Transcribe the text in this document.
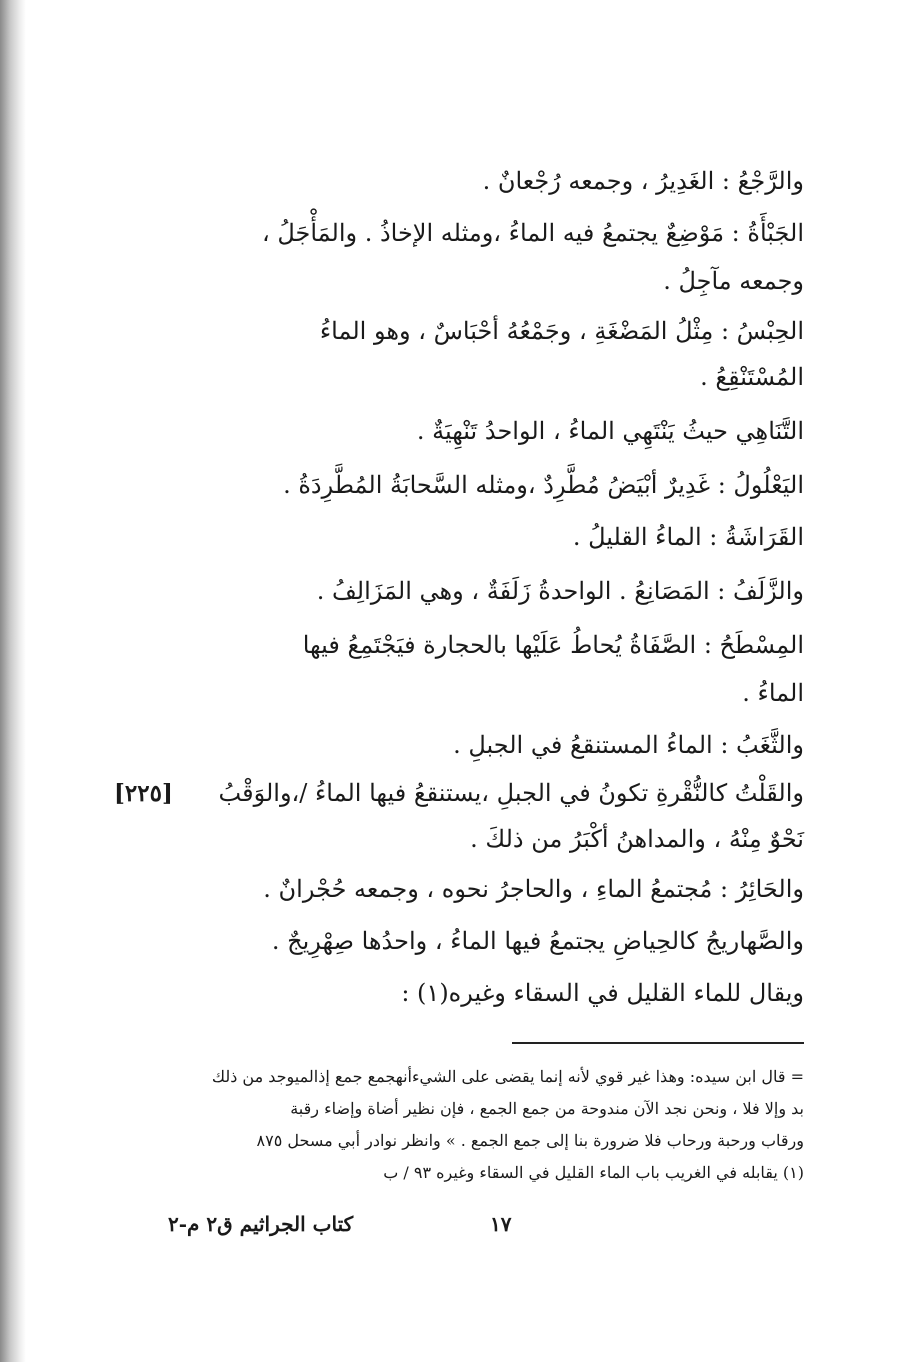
والرَّجْعُ : الغَدِيرُ ، وجمعه رُجْعانٌ .
الجَبْأَةُ : مَوْضِعٌ يجتمعُ فيه الماءُ ،ومثله الإخاذُ . والمَأْجَلُ ،
وجمعه مآجِلُ .
الحِبْسُ : مِثْلُ المَضْغَةِ ، وجَمْعُهُ أحْبَاسٌ ، وهو الماءُ
المُسْتَنْقِعُ .
التَّنَاهِي حيثُ يَنْتَهِي الماءُ ، الواحدُ تَنْهِيَةٌ .
اليَعْلُولُ : غَدِيرٌ أبْيَضُ مُطَّرِدٌ ،ومثله السَّحابَةُ المُطَّرِدَةُ .
القَرَاشَةُ : الماءُ القليلُ .
والزَّلَفُ : المَصَانِعُ . الواحدةُ زَلَفَةٌ ، وهي المَزَالِفُ .
المِسْطَحُ : الصَّفَاةُ يُحاطُ عَلَيْها بالحجارة فيَجْتَمِعُ فيها
الماءُ .
والثَّغَبُ : الماءُ المستنقعُ في الجبلِ .
والقَلْتُ كالنُّقْرةِ تكونُ في الجبلِ ،يستنقعُ فيها الماءُ /،والوَقْبُ
نَحْوٌ مِنْهُ ، والمداهنُ أكْبَرُ من ذلكَ .
والحَائِرُ : مُجتمعُ الماءِ ، والحاجرُ نحوه ، وجمعه حُجْرانٌ .
والصَّهاريجُ كالحِياضِ يجتمعُ فيها الماءُ ، واحدُها صِهْرِيجٌ .
ويقال للماء القليل في السقاء وغيره(١) :
[٢٢٥]
= قال ابن سيده: وهذا غير قوي لأنه إنما يقضى على الشيءأنهجمع جمع إذالميوجد من ذلك
بد وإلا فلا ، ونحن نجد الآن مندوحة من جمع الجمع ، فإن نظير أضاة وإضاء رقبة
ورقاب ورحبة ورحاب فلا ضرورة بنا إلى جمع الجمع . » وانظر نوادر أبي مسحل ٨٧٥
(١) يقابله في الغريب باب الماء القليل في السقاء وغيره ٩٣ / ب
١٧
كتاب الجراثيم ق٢ م-٢
